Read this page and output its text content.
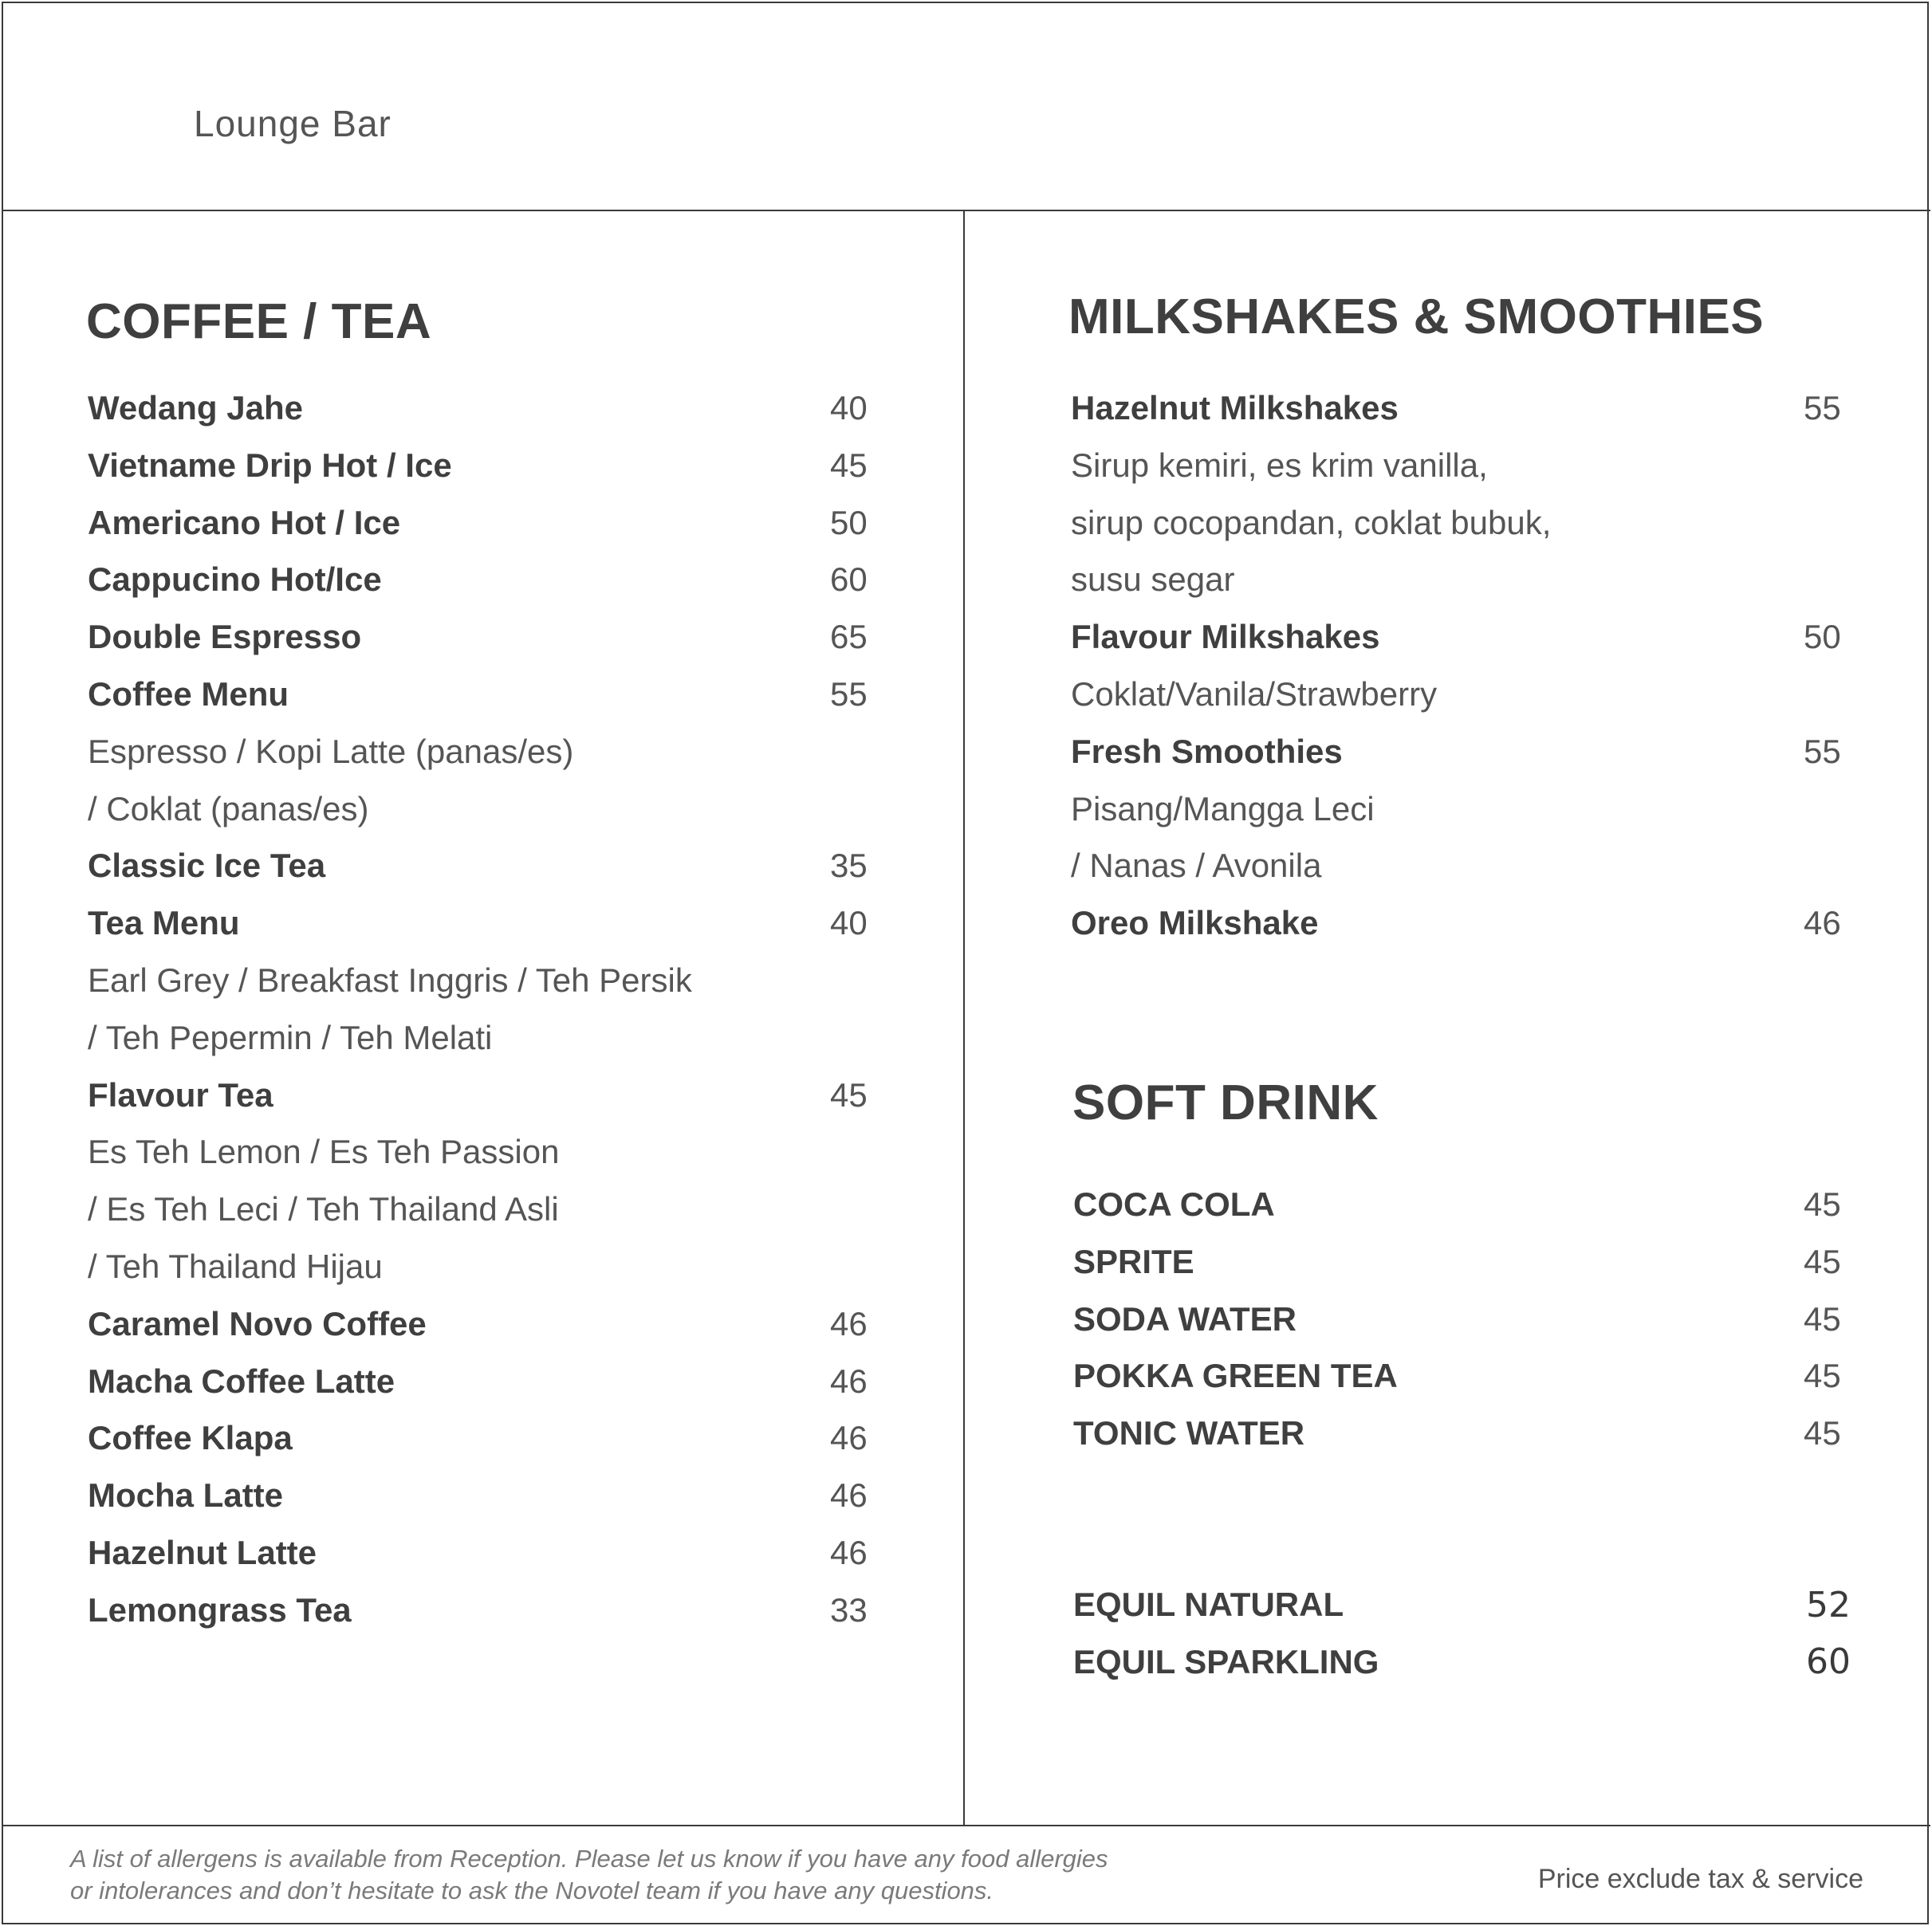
Lounge Bar
COFFEE / TEA
Wedang Jahe	40
Vietname Drip Hot / Ice	45
Americano Hot / Ice	50
Cappucino Hot/Ice	60
Double Espresso	65
Coffee Menu	55
Espresso / Kopi Latte (panas/es)
/ Coklat (panas/es)
Classic Ice Tea	35
Tea Menu	40
Earl Grey / Breakfast Inggris / Teh Persik
/ Teh Pepermin / Teh Melati
Flavour Tea	45
Es Teh Lemon / Es Teh Passion
/ Es Teh Leci / Teh Thailand Asli
/ Teh Thailand Hijau
Caramel Novo Coffee	46
Macha Coffee Latte	46
Coffee Klapa	46
Mocha Latte	46
Hazelnut Latte	46
Lemongrass Tea	33
MILKSHAKES & SMOOTHIES
Hazelnut Milkshakes	55
Sirup kemiri, es krim vanilla,
sirup cocopandan, coklat bubuk,
susu segar
Flavour Milkshakes	50
Coklat/Vanila/Strawberry
Fresh Smoothies	55
Pisang/Mangga Leci
/ Nanas / Avonila
Oreo Milkshake	46
SOFT DRINK
COCA COLA	45
SPRITE	45
SODA WATER	45
POKKA GREEN TEA	45
TONIC WATER	45
EQUIL NATURAL	52
EQUIL SPARKLING	60
A list of allergens is available from Reception. Please let us know if you have any food allergies
or intolerances and don’t hesitate to ask the Novotel team if you have any questions.	Price exclude tax & service
